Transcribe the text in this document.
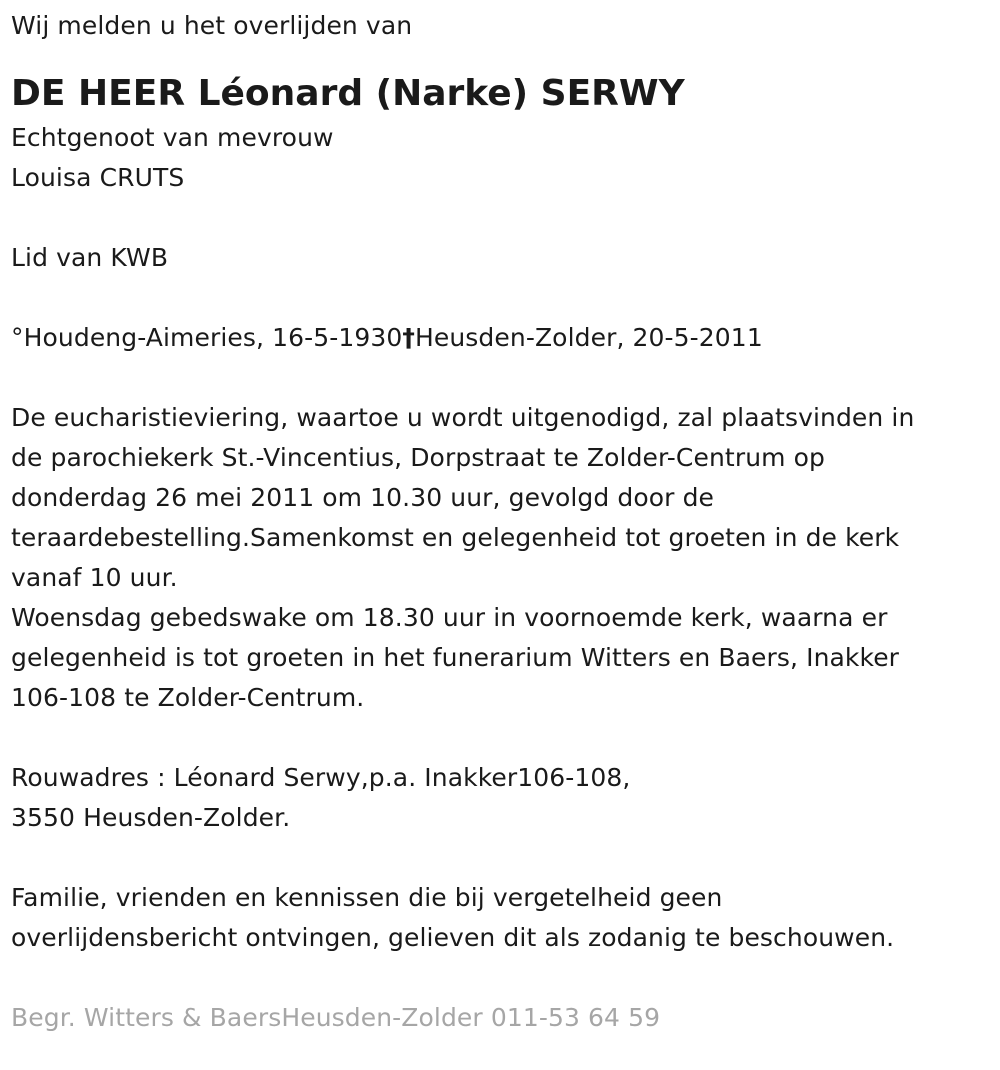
Wij melden u het overlijden van
DE HEER Léonard (Narke) SERWY
Echtgenoot van mevrouw
Louisa CRUTS
Lid van KWB
°Houdeng-Aimeries, 16-5-1930†Heusden-Zolder, 20-5-2011
De eucharistieviering, waartoe u wordt uitgenodigd, zal plaatsvinden in
de parochiekerk St.-Vincentius, Dorpstraat te Zolder-Centrum op
donderdag 26 mei 2011 om 10.30 uur, gevolgd door de
teraardebestelling.Samenkomst en gelegenheid tot groeten in de kerk
vanaf 10 uur.
Woensdag gebedswake om 18.30 uur in voornoemde kerk, waarna er
gelegenheid is tot groeten in het funerarium Witters en Baers, Inakker
106-108 te Zolder-Centrum.
Rouwadres : Léonard Serwy,p.a. Inakker106-108,
3550 Heusden-Zolder.
Familie, vrienden en kennissen die bij vergetelheid geen
overlijdensbericht ontvingen, gelieven dit als zodanig te beschouwen.
Begr. Witters & BaersHeusden-Zolder 011-53 64 59
